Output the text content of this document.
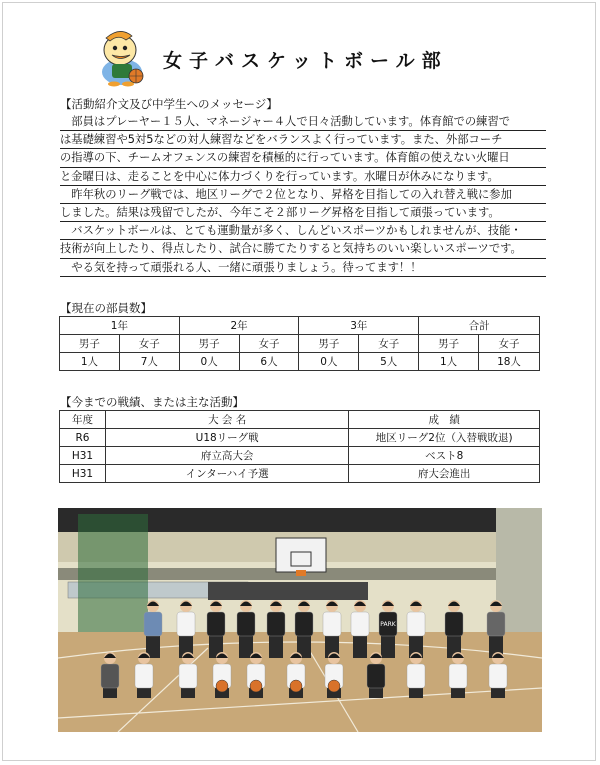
女子バスケットボール部
【活動紹介文及び中学生へのメッセージ】

　部員はプレーヤー１５人、マネージャー４人で日々活動しています。体育館での練習で

は基礎練習や5対5などの対人練習などをバランスよく行っています。また、外部コーチ

の指導の下、チームオフェンスの練習を積極的に行っています。体育館の使えない火曜日

と金曜日は、走ることを中心に体力づくりを行っています。水曜日が休みになります。

　昨年秋のリーグ戦では、地区リーグで２位となり、昇格を目指しての入れ替え戦に参加

しました。結果は残留でしたが、今年こそ２部リーグ昇格を目指して頑張っています。

　バスケットボールは、とても運動量が多く、しんどいスポーツかもしれませんが、技能・

技術が向上したり、得点したり、試合に勝てたりすると気持ちのいい楽しいスポーツです。

　やる気を持って頑張れる人、一緒に頑張りましょう。待ってます！！

【現在の部員数】
1年		2年		3年		合計	
男子	女子	男子	女子	男子	女子	男子	女子
1人	7人	0人	6人	0人	5人	1人	18人
【今までの戦績、または主な活動】
年度	大 会 名	成　績
R6	U18リーグ戦	地区リーグ2位（入替戦敗退)
H31	府立高大会	ベスト8
H31	インターハイ予選	府大会進出
PARK
